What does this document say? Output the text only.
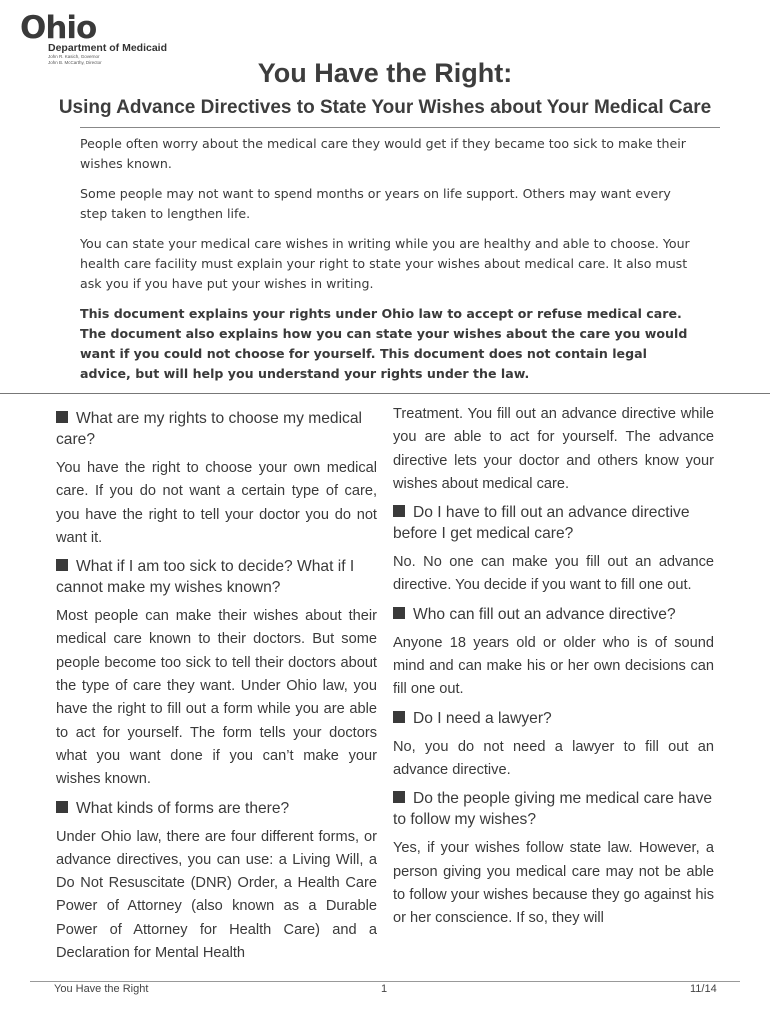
Ohio
Department of Medicaid
John R. Kasich, Governor
John B. McCarthy, Director	You Have the Right:
Using Advance Directives to State Your Wishes about Your Medical Care

People often worry about the medical care they would get if they became too sick to make their wishes known.

Some people may not want to spend months or years on life support. Others may want every step taken to lengthen life.

You can state your medical care wishes in writing while you are healthy and able to choose. Your health care facility must explain your right to state your wishes about medical care. It also must ask you if you have put your wishes in writing.

This document explains your rights under Ohio law to accept or refuse medical care. The document also explains how you can state your wishes about the care you would want if you could not choose for yourself. This document does not contain legal advice, but will help you understand your rights under the law.

What are my rights to choose my medical care?

You have the right to choose your own medical care. If you do not want a certain type of care, you have the right to tell your doctor you do not want it.

What if I am too sick to decide? What if I cannot make my wishes known?

Most people can make their wishes about their medical care known to their doctors. But some people become too sick to tell their doctors about the type of care they want. Under Ohio law, you have the right to fill out a form while you are able to act for yourself. The form tells your doctors what you want done if you can’t make your wishes known.

What kinds of forms are there?

Under Ohio law, there are four different forms, or advance directives, you can use: a Living Will, a Do Not Resuscitate (DNR) Order, a Health Care Power of Attorney (also known as a Durable Power of Attorney for Health Care) and a Declaration for Mental Health

Treatment. You fill out an advance directive while you are able to act for yourself. The advance directive lets your doctor and others know your wishes about medical care.

Do I have to fill out an advance directive before I get medical care?

No. No one can make you fill out an advance directive. You decide if you want to fill one out.

Who can fill out an advance directive?

Anyone 18 years old or older who is of sound mind and can make his or her own decisions can fill one out.

Do I need a lawyer?

No, you do not need a lawyer to fill out an advance directive.

Do the people giving me medical care have to follow my wishes?

Yes, if your wishes follow state law. However, a person giving you medical care may not be able to follow your wishes because they go against his or her conscience. If so, they will

You Have the Right	1	11/14
